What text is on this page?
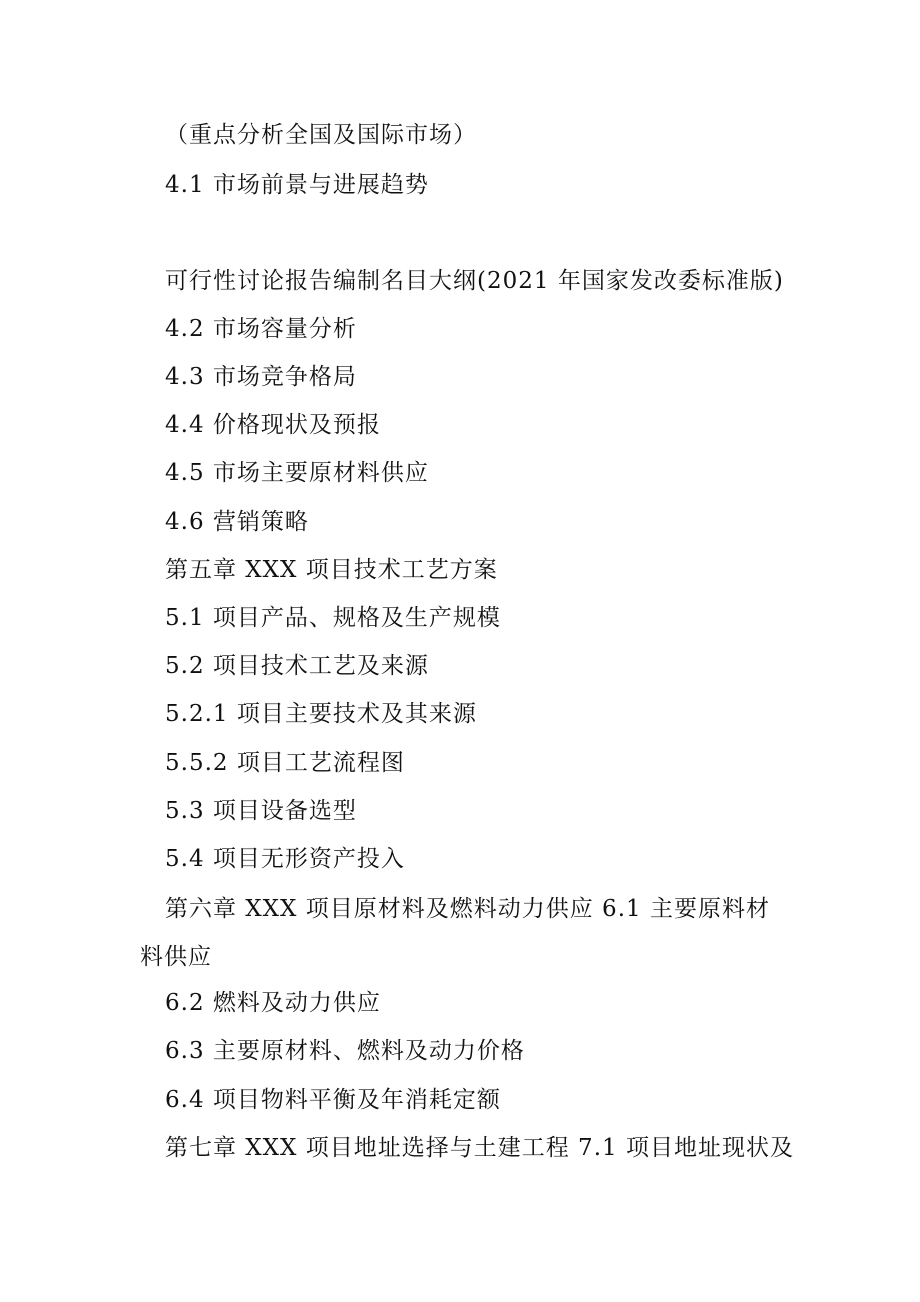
（重点分析全国及国际市场）
4.1 市场前景与进展趋势
可行性讨论报告编制名目大纲(2021 年国家发改委标准版)
4.2 市场容量分析
4.3 市场竞争格局
4.4 价格现状及预报
4.5 市场主要原材料供应
4.6 营销策略
第五章 XXX 项目技术工艺方案
5.1 项目产品、规格及生产规模
5.2 项目技术工艺及来源
5.2.1 项目主要技术及其来源
5.5.2 项目工艺流程图
5.3 项目设备选型
5.4 项目无形资产投入
第六章 XXX 项目原材料及燃料动力供应 6.1 主要原料材料供应
6.2 燃料及动力供应
6.3 主要原材料、燃料及动力价格
6.4 项目物料平衡及年消耗定额
第七章 XXX 项目地址选择与土建工程 7.1 项目地址现状及
